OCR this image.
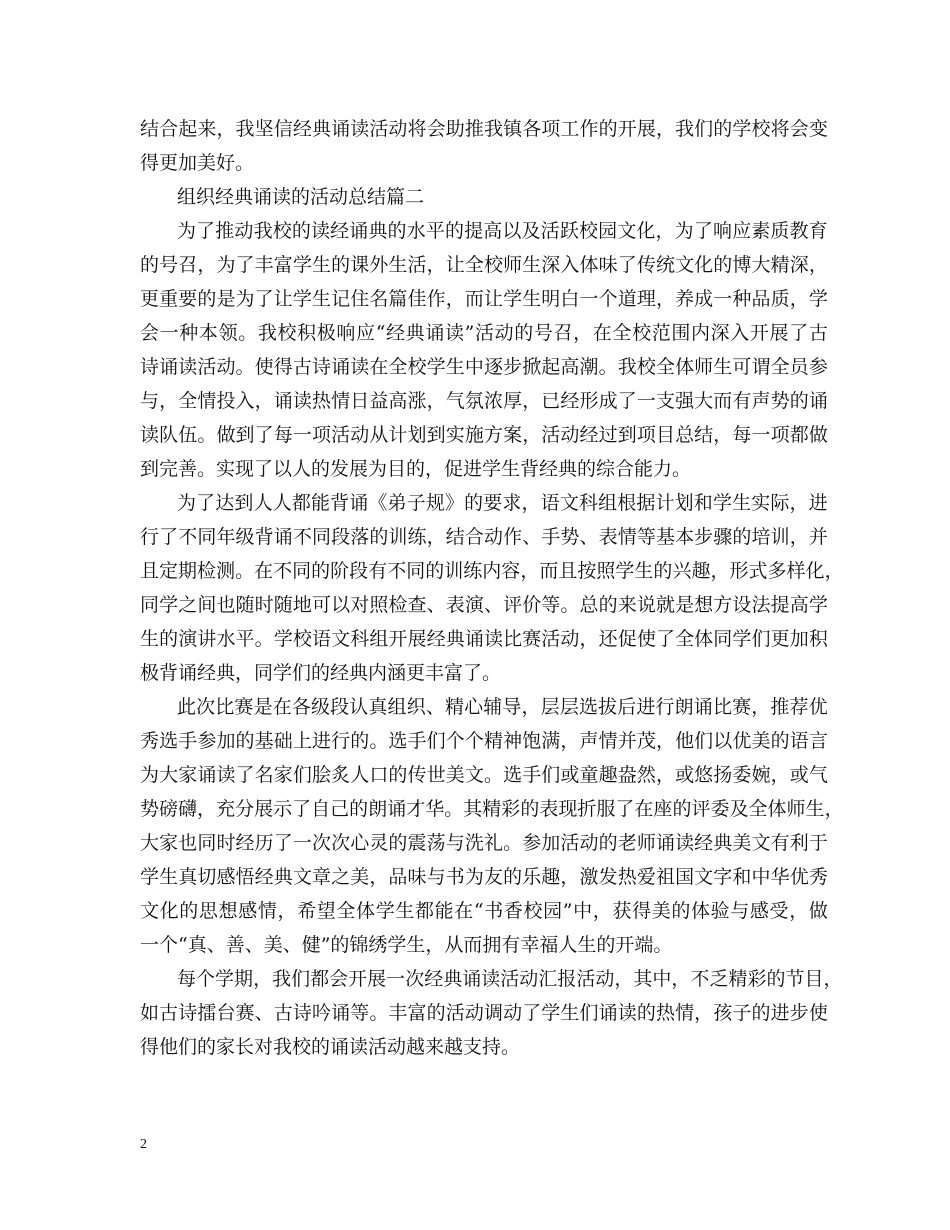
结 合 起 来 ， 我 坚 信 经 典 诵 读 活 动 将 会 助 推 我 镇 各 项 工 作 的 开 展 ， 我 们 的 学 校 将 会 变
得更加美好。
组织经典诵读的活动总结篇二
为 了 推 动 我 校 的 读 经 诵 典 的 水 平 的 提 高 以 及 活 跃 校 园 文 化 ， 为 了 响 应 素 质 教 育
的 号 召 ， 为 了 丰 富 学 生 的 课 外 生 活 ， 让 全 校 师 生 深 入 体 味 了 传 统 文 化 的 博 大 精 深 ，
更 重 要 的 是 为 了 让 学 生 记 住 名 篇 佳 作 ， 而 让 学 生 明 白 一 个 道 理 ， 养 成 一 种 品 质 ， 学
会 一 种 本 领 。 我 校 积 极 响 应 “ 经 典 诵 读 ” 活 动 的 号 召 ， 在 全 校 范 围 内 深 入 开 展 了 古
诗 诵 读 活 动 。 使 得 古 诗 诵 读 在 全 校 学 生 中 逐 步 掀 起 高 潮 。 我 校 全 体 师 生 可 谓 全 员 参
与 ， 全 情 投 入 ， 诵 读 热 情 日 益 高 涨 ， 气 氛 浓 厚 ， 已 经 形 成 了 一 支 强 大 而 有 声 势 的 诵
读 队 伍 。 做 到 了 每 一 项 活 动 从 计 划 到 实 施 方 案 ， 活 动 经 过 到 项 目 总 结 ， 每 一 项 都 做
到完善。实现了以人的发展为目的，促进学生背经典的综合能力。
为 了 达 到 人 人 都 能 背 诵 《 弟 子 规 》 的 要 求 ， 语 文 科 组 根 据 计 划 和 学 生 实 际 ， 进
行 了 不 同 年 级 背 诵 不 同 段 落 的 训 练 ， 结 合 动 作 、 手 势 、 表 情 等 基 本 步 骤 的 培 训 ， 并
且 定 期 检 测 。 在 不 同 的 阶 段 有 不 同 的 训 练 内 容 ， 而 且 按 照 学 生 的 兴 趣 ， 形 式 多 样 化 ，
同 学 之 间 也 随 时 随 地 可 以 对 照 检 查 、 表 演 、 评 价 等 。 总 的 来 说 就 是 想 方 设 法 提 高 学
生 的 演 讲 水 平 。 学 校 语 文 科 组 开 展 经 典 诵 读 比 赛 活 动 ， 还 促 使 了 全 体 同 学 们 更 加 积
极背诵经典，同学们的经典内涵更丰富了。
此 次 比 赛 是 在 各 级 段 认 真 组 织 、 精 心 辅 导 ， 层 层 选 拔 后 进 行 朗 诵 比 赛 ， 推 荐 优
秀 选 手 参 加 的 基 础 上 进 行 的 。 选 手 们 个 个 精 神 饱 满 ， 声 情 并 茂 ， 他 们 以 优 美 的 语 言
为 大 家 诵 读 了 名 家 们 脍 炙 人 口 的 传 世 美 文 。 选 手 们 或 童 趣 盎 然 ， 或 悠 扬 委 婉 ， 或 气
势 磅 礴 ， 充 分 展 示 了 自 己 的 朗 诵 才 华 。 其 精 彩 的 表 现 折 服 了 在 座 的 评 委 及 全 体 师 生 ，
大 家 也 同 时 经 历 了 一 次 次 心 灵 的 震 荡 与 洗 礼 。 参 加 活 动 的 老 师 诵 读 经 典 美 文 有 利 于
学 生 真 切 感 悟 经 典 文 章 之 美 ， 品 味 与 书 为 友 的 乐 趣 ， 激 发 热 爱 祖 国 文 字 和 中 华 优 秀
文 化 的 思 想 感 情 ， 希 望 全 体 学 生 都 能 在 “ 书 香 校 园 ” 中 ， 获 得 美 的 体 验 与 感 受 ， 做
一个“真、善、美、健”的锦绣学生，从而拥有幸福人生的开端。
每 个 学 期 ， 我 们 都 会 开 展 一 次 经 典 诵 读 活 动 汇 报 活 动 ， 其 中 ， 不 乏 精 彩 的 节 目 ，
如 古 诗 擂 台 赛 、 古 诗 吟 诵 等 。 丰 富 的 活 动 调 动 了 学 生 们 诵 读 的 热 情 ， 孩 子 的 进 步 使
得他们的家长对我校的诵读活动越来越支持。
2
